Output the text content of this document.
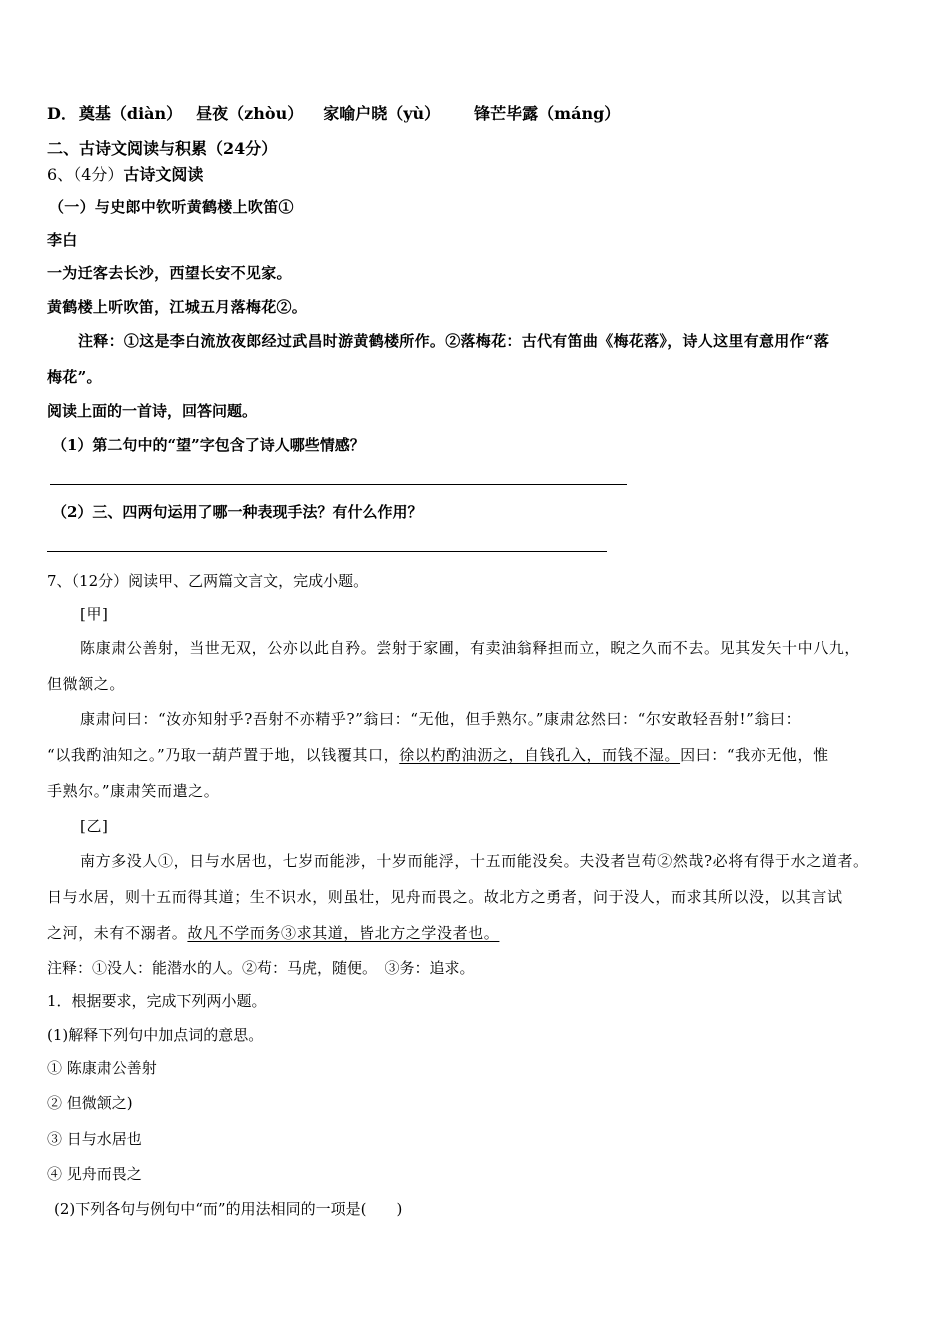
D． 奠基（diàn） 昼夜（zhòu） 家喻户晓（yù） 锋芒毕露（máng）
二、古诗文阅读与积累（24分）
6、（4分）古诗文阅读
（一）与史郎中钦听黄鹤楼上吹笛①
李白
一为迁客去长沙，西望长安不见家。
黄鹤楼上听吹笛，江城五月落梅花②。
注释：①这是李白流放夜郎经过武昌时游黄鹤楼所作。②落梅花：古代有笛曲《梅花落》，诗人这里有意用作“落
梅花”。
阅读上面的一首诗，回答问题。
（1）第二句中的“望”字包含了诗人哪些情感？
（2）三、四两句运用了哪一种表现手法？有什么作用？
7、（12分）阅读甲、乙两篇文言文，完成小题。
[甲]
陈康肃公善射，当世无双，公亦以此自矜。尝射于家圃，有卖油翁释担而立，睨之久而不去。见其发矢十中八九，
但微颔之。
康肃问曰：“汝亦知射乎?吾射不亦精乎?”翁曰：“无他，但手熟尔。”康肃忿然曰：“尔安敢轻吾射!”翁曰：
“以我酌油知之。”乃取一葫芦置于地，以钱覆其口，徐以杓酌油沥之，自钱孔入，而钱不湿。因曰：“我亦无他，惟
手熟尔。”康肃笑而遣之。
[乙]
南方多没人①，日与水居也，七岁而能涉，十岁而能浮，十五而能没矣。夫没者岂苟②然哉?必将有得于水之道者。
日与水居，则十五而得其道；生不识水，则虽壮，见舟而畏之。故北方之勇者，问于没人，而求其所以没，以其言试
之河，未有不溺者。故凡不学而务③求其道，皆北方之学没者也。
注释：①没人：能潜水的人。②苟：马虎，随便。　③务：追求。
1．根据要求，完成下列两小题。
(1)解释下列句中加点词的意思。
① 陈康肃公善射
② 但微颔之)
③ 日与水居也
④ 见舟而畏之
(2)下列各句与例句中“而”的用法相同的一项是(　　)
